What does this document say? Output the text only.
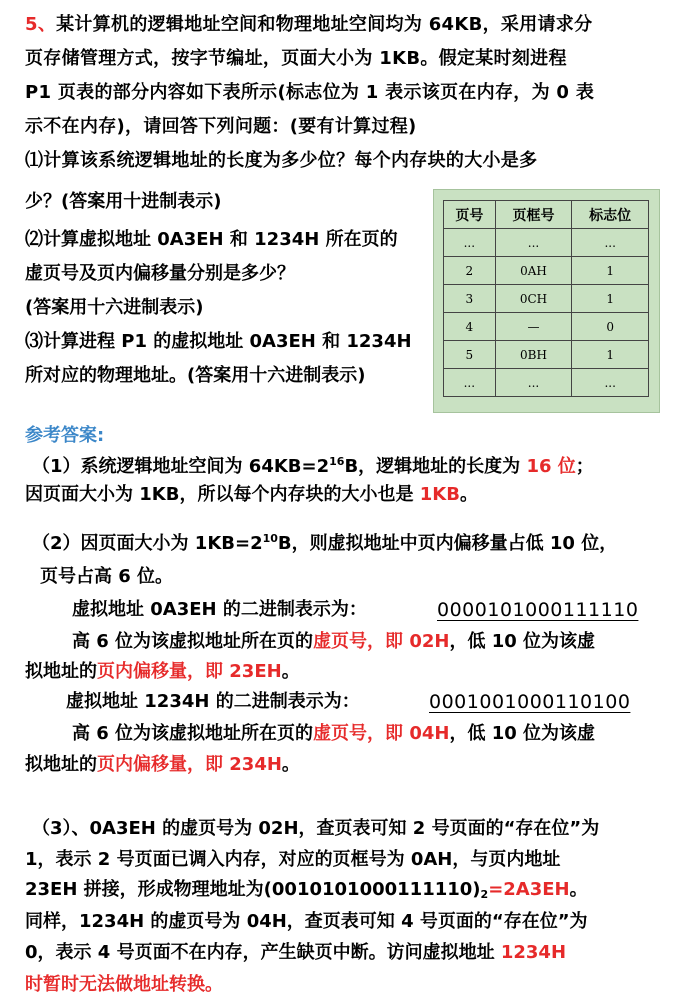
5、某计算机的逻辑地址空间和物理地址空间均为 64KB，采用请求分
页存储管理方式，按字节编址，页面大小为 1KB。假定某时刻进程
P1 页表的部分内容如下表所示(标志位为 1 表示该页在内存，为 0 表
示不在内存)，请回答下列问题：(要有计算过程)
⑴计算该系统逻辑地址的长度为多少位？每个内存块的大小是多
少？(答案用十进制表示)
⑵计算虚拟地址 0A3EH 和 1234H 所在页的
虚页号及页内偏移量分别是多少？
(答案用十六进制表示)
⑶计算进程 P1 的虚拟地址 0A3EH 和 1234H
所对应的物理地址。(答案用十六进制表示)
页号	页框号	标志位
...	...	...
2	0AH	1
3	0CH	1
4	—	0
5	0BH	1
...	...	...
参考答案:
（1）系统逻辑地址空间为 $64KB=2^{16}B$，逻辑地址的长度为 16 位；
因页面大小为 1KB，所以每个内存块的大小也是 1KB。
（2）因页面大小为 $1KB=2^{10}B$，则虚拟地址中页内偏移量占低 10 位，
页号占高 6 位。
虚拟地址 0A3EH 的二进制表示为：	0000101000111110
高 6 位为该虚拟地址所在页的虚页号，即 02H，低 10 位为该虚
拟地址的页内偏移量，即 23EH。
虚拟地址 1234H 的二进制表示为：	0001001000110100
高 6 位为该虚拟地址所在页的虚页号，即 04H，低 10 位为该虚
拟地址的页内偏移量，即 234H。
（3）、0A3EH 的虚页号为 02H，查页表可知 2 号页面的“存在位”为
1，表示 2 号页面已调入内存，对应的页框号为 0AH，与页内地址
23EH 拼接，形成物理地址为$(0010101000111110)_2=2A3EH$。
同样，1234H 的虚页号为 04H，查页表可知 4 号页面的“存在位”为
0，表示 4 号页面不在内存，产生缺页中断。访问虚拟地址 1234H
时暂时无法做地址转换。
